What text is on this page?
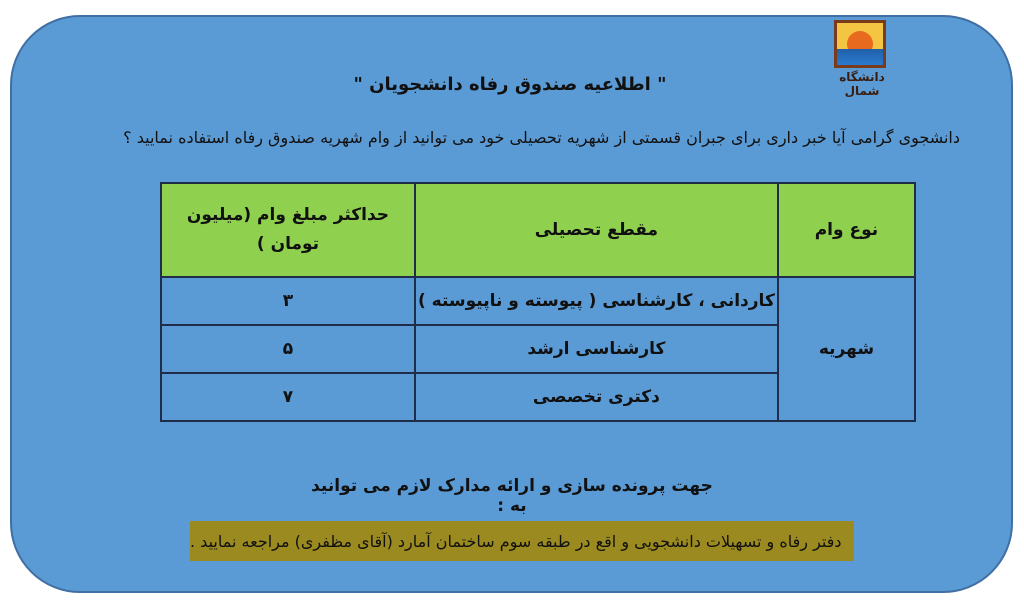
دانشگاه شمال
" اطلاعیه صندوق رفاه دانشجویان "
دانشجوی گرامی آیا خبر داری برای جبران قسمتی از شهریه تحصیلی خود می توانید از وام شهریه صندوق رفاه استفاده نمایید ؟
نوع وام	مقطع تحصیلی	حداکثر مبلغ وام (میلیون تومان )
شهریه	کاردانی ، کارشناسی ( پیوسته و ناپیوسته )	۳
	کارشناسی ارشد	۵
	دکتری تخصصی	۷
جهت پرونده سازی و ارائه مدارک لازم می توانید به :
دفتر رفاه و تسهیلات دانشجویی و اقع در طبقه سوم ساختمان آمارد (آقای مظفری) مراجعه نمایید .
